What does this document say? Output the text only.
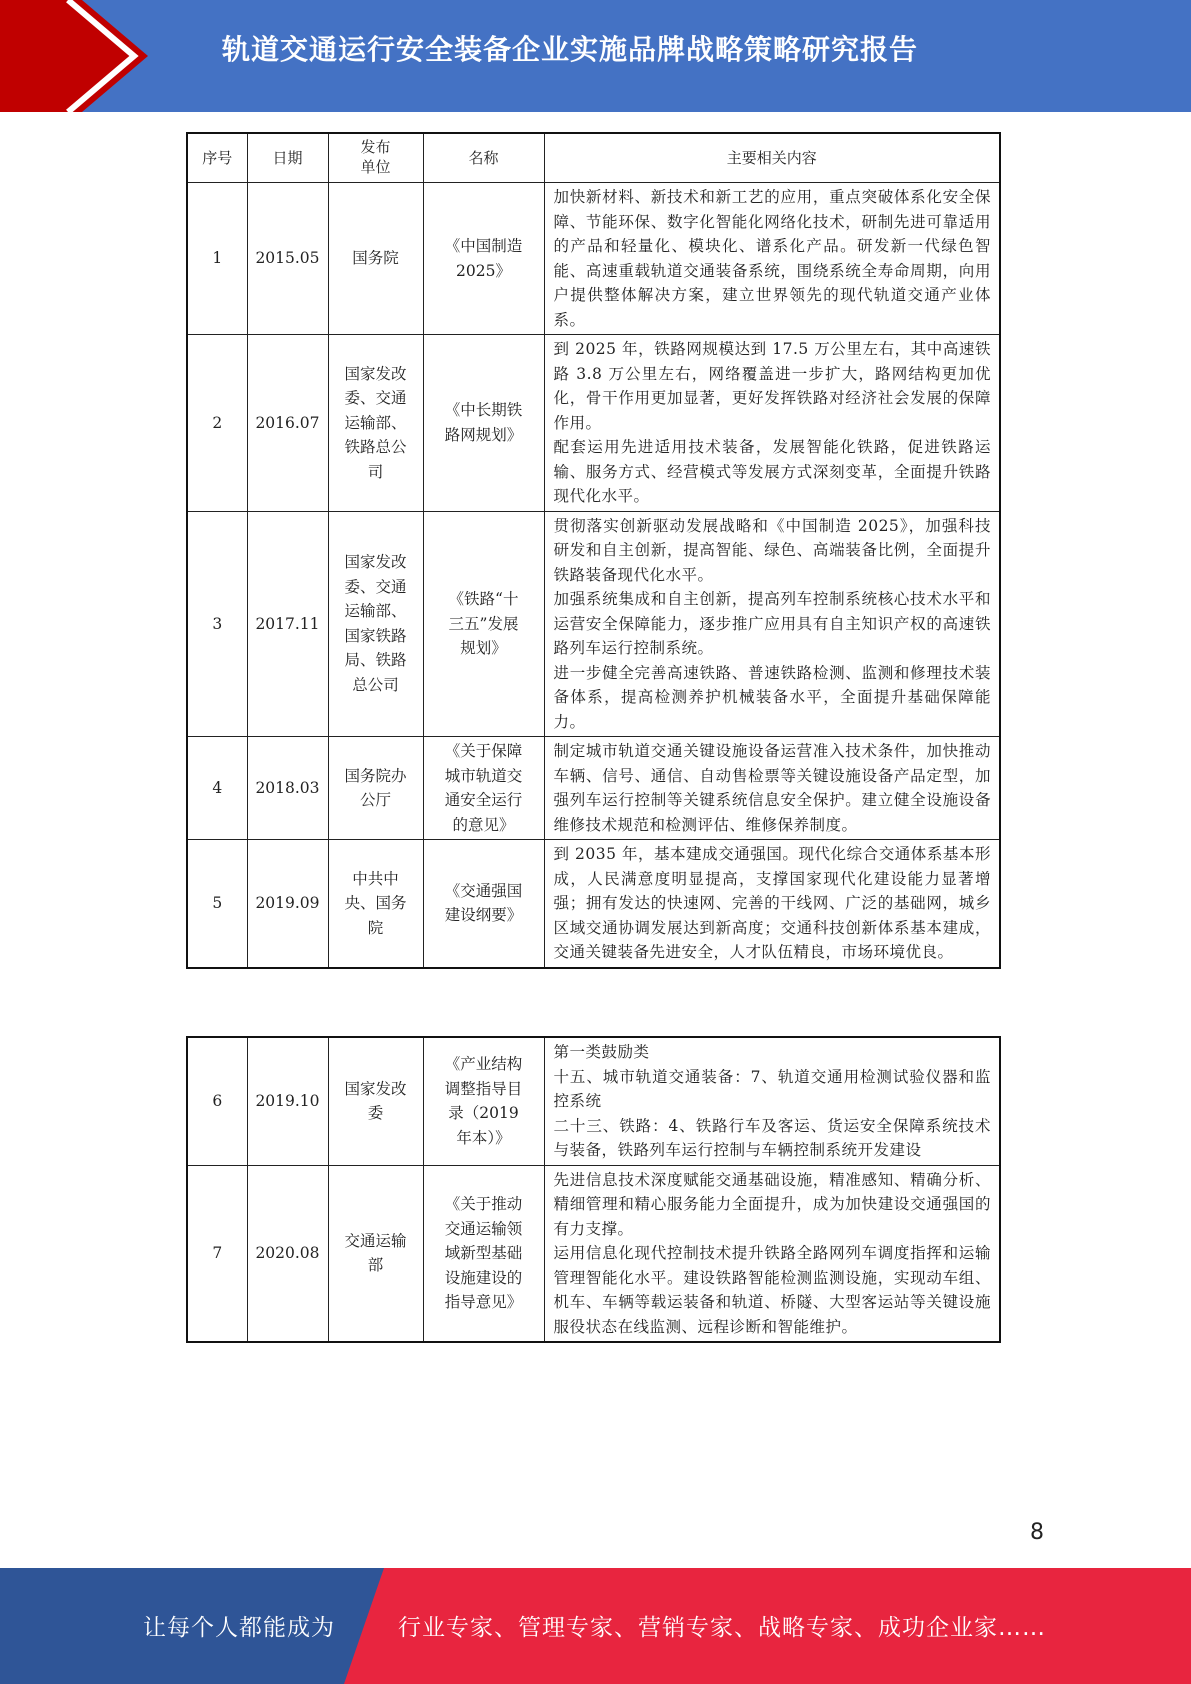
轨道交通运行安全装备企业实施品牌战略策略研究报告
序号	日期	发布单位	名称	主要相关内容
1	2015.05	国务院	《中国制造2025》	加快新材料、新技术和新工艺的应用，重点突破体系化安全保障、节能环保、数字化智能化网络化技术，研制先进可靠适用的产品和轻量化、模块化、谱系化产品。研发新一代绿色智能、高速重载轨道交通装备系统，围绕系统全寿命周期，向用户提供整体解决方案，建立世界领先的现代轨道交通产业体系。

2	2016.07	国家发改委、交通运输部、铁路总公司	《中长期铁路网规划》	到 2025 年，铁路网规模达到 17.5 万公里左右，其中高速铁路 3.8 万公里左右，网络覆盖进一步扩大，路网结构更加优化，骨干作用更加显著，更好发挥铁路对经济社会发展的保障作用。
配套运用先进适用技术装备，发展智能化铁路，促进铁路运输、服务方式、经营模式等发展方式深刻变革，全面提升铁路现代化水平。

3	2017.11	国家发改委、交通运输部、国家铁路局、铁路总公司	《铁路“十三五”发展规划》	贯彻落实创新驱动发展战略和《中国制造 2025》，加强科技研发和自主创新，提高智能、绿色、高端装备比例，全面提升铁路装备现代化水平。
加强系统集成和自主创新，提高列车控制系统核心技术水平和运营安全保障能力，逐步推广应用具有自主知识产权的高速铁路列车运行控制系统。
进一步健全完善高速铁路、普速铁路检测、监测和修理技术装备体系，提高检测养护机械装备水平，全面提升基础保障能力。

4	2018.03	国务院办公厅	《关于保障城市轨道交通安全运行的意见》	制定城市轨道交通关键设施设备运营准入技术条件，加快推动车辆、信号、通信、自动售检票等关键设施设备产品定型，加强列车运行控制等关键系统信息安全保护。建立健全设施设备维修技术规范和检测评估、维修保养制度。

5	2019.09	中共中央、国务院	《交通强国建设纲要》	到 2035 年，基本建成交通强国。现代化综合交通体系基本形成，人民满意度明显提高，支撑国家现代化建设能力显著增强；拥有发达的快速网、完善的干线网、广泛的基础网，城乡区域交通协调发展达到新高度；交通科技创新体系基本建成，交通关键装备先进安全，人才队伍精良，市场环境优良。
6	2019.10	国家发改委	《产业结构调整指导目录（2019 年本）》	第一类鼓励类
十五、城市轨道交通装备：7、轨道交通用检测试验仪器和监控系统
二十三、铁路：4、铁路行车及客运、货运安全保障系统技术与装备，铁路列车运行控制与车辆控制系统开发建设

7	2020.08	交通运输部	《关于推动交通运输领域新型基础设施建设的指导意见》	先进信息技术深度赋能交通基础设施，精准感知、精确分析、精细管理和精心服务能力全面提升，成为加快建设交通强国的有力支撑。
运用信息化现代控制技术提升铁路全路网列车调度指挥和运输管理智能化水平。建设铁路智能检测监测设施，实现动车组、机车、车辆等载运装备和轨道、桥隧、大型客运站等关键设施服役状态在线监测、远程诊断和智能维护。
8
让每个人都能成为	行业专家、管理专家、营销专家、战略专家、成功企业家……
